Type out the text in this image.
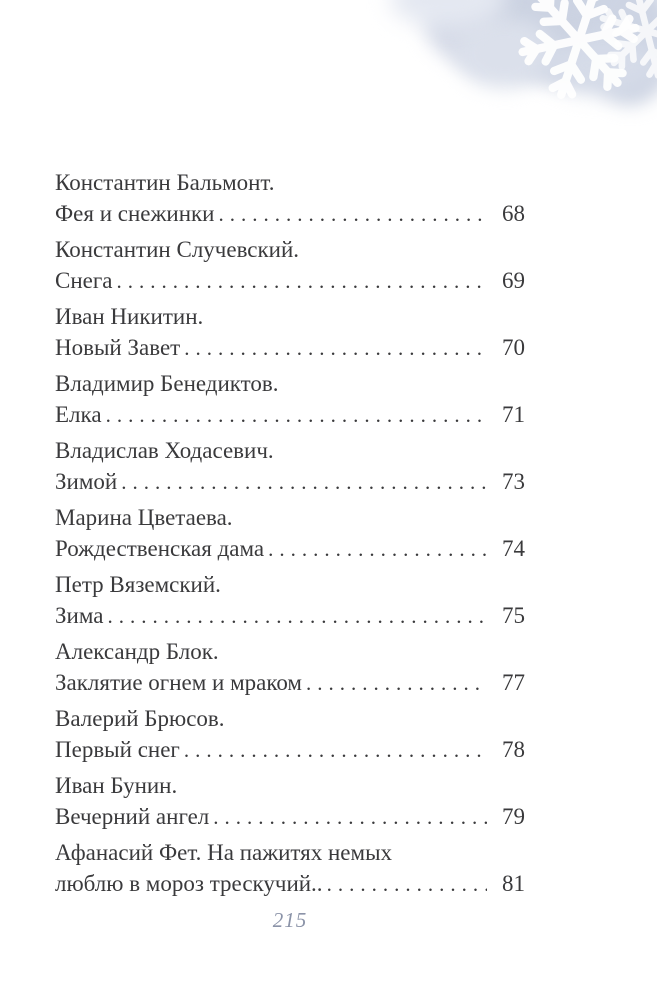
Константин Бальмонт.
Фея и снежинки .....	68
Константин Случевский.
Снега .....	69
Иван Никитин.
Новый Завет .....	70
Владимир Бенедиктов.
Елка .....	71
Владислав Ходасевич.
Зимой .....	73
Марина Цветаева.
Рождественская дама .....	74
Петр Вяземский.
Зима .....	75
Александр Блок.
Заклятие огнем и мраком .....	77
Валерий Брюсов.
Первый снег .....	78
Иван Бунин.
Вечерний ангел .....	79
Афанасий Фет. На пажитях немых
люблю в мороз трескучий.. .....	81
215
